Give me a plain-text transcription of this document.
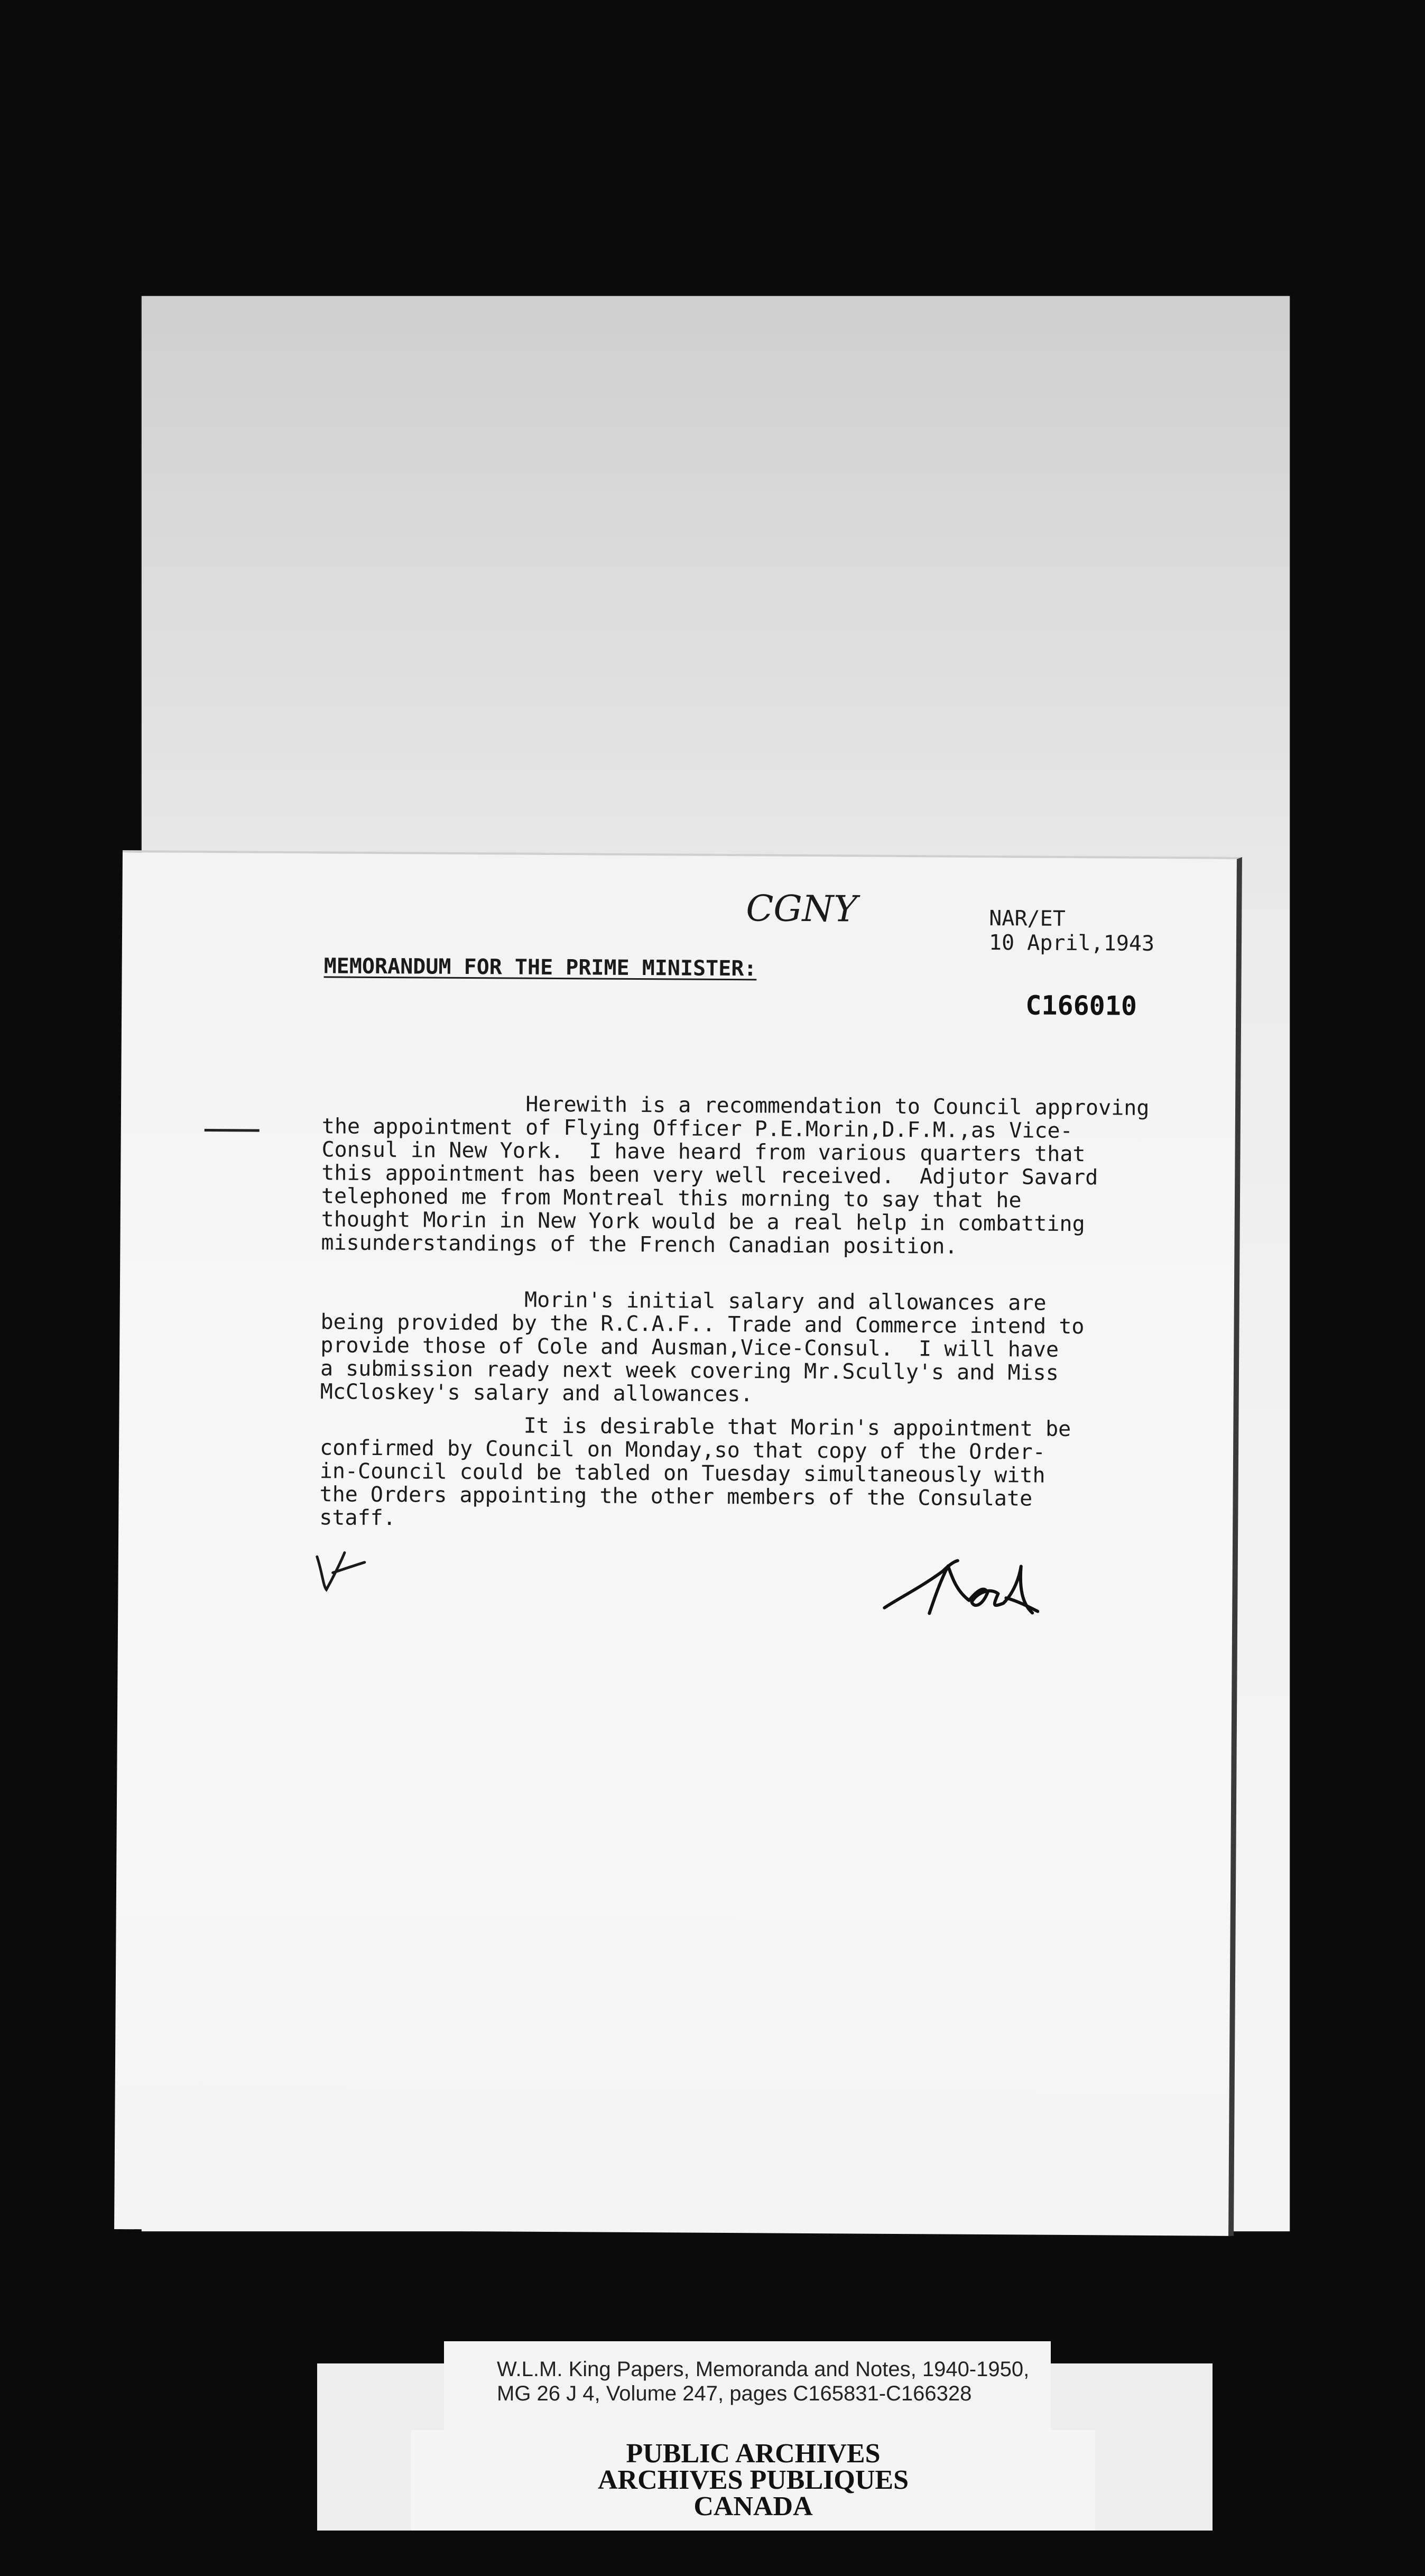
CGNY	NAR/ET
10 April,1943
MEMORANDUM FOR THE PRIME MINISTER:
C166010
Herewith is a recommendation to Council approving
the appointment of Flying Officer P.E.Morin,D.F.M.,as Vice-
Consul in New York.  I have heard from various quarters that
this appointment has been very well received.  Adjutor Savard
telephoned me from Montreal this morning to say that he
thought Morin in New York would be a real help in combatting
misunderstandings of the French Canadian position.
Morin's initial salary and allowances are
being provided by the R.C.A.F.. Trade and Commerce intend to
provide those of Cole and Ausman,Vice-Consul.  I will have
a submission ready next week covering Mr.Scully's and Miss
McCloskey's salary and allowances.
It is desirable that Morin's appointment be
confirmed by Council on Monday,so that copy of the Order-
in-Council could be tabled on Tuesday simultaneously with
the Orders appointing the other members of the Consulate
staff.
W.L.M. King Papers, Memoranda and Notes, 1940-1950,
MG 26 J 4, Volume 247, pages C165831-C166328
PUBLIC ARCHIVES
ARCHIVES PUBLIQUES
CANADA
